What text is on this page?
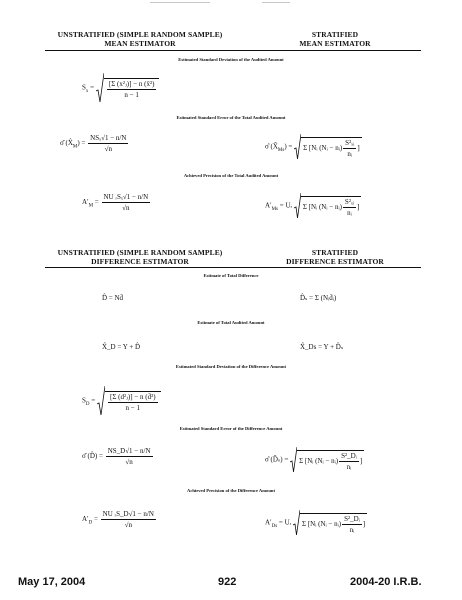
UNSTRATIFIED (SIMPLE RANDOM SAMPLE)
MEAN ESTIMATOR
STRATIFIED
MEAN ESTIMATOR
Estimated Standard Deviation of the Audited Amount
$S_x = \frac{\text{[Σ (x²ⱼ)] − n (x̄²)}}{n - 1}$
Estimated Standard Error of the Total Audited Amount
σ̂ $(X̂_M) = \frac{\text{NSₓ√1 − n/N}}{√n}$	σ̂ $(X̂_{Ms}) = \Sigma$ [Nᵢ (Nᵢ − nᵢ) $\frac{\text{S²ₓᵢ}}{\text{nᵢ}}$ ]
Achieved Precision of the Total Audited Amount
$A'_M = \frac{\text{NU ᵣSₓ√1 − n/N}}{√n}$	$A'_{Ms}$ = Uᵣ Σ [Nᵢ (Nᵢ − nᵢ) $\frac{\text{S²ₓᵢ}}{\text{nᵢ}}$ ]
UNSTRATIFIED (SIMPLE RANDOM SAMPLE)
DIFFERENCE ESTIMATOR
STRATIFIED
DIFFERENCE ESTIMATOR
Estimate of Total Difference
D̂ = Nd̄	D̂ₛ = Σ (Nᵢd̄ᵢ)
Estimate of Total Audited Amount
X̂_D = Y + D̂	X̂_Ds = Y + D̂ₛ
Estimated Standard Deviation of the Difference Amount
$S_D = \frac{\text{[Σ (d²ⱼ)] − n (d̄²)}}{n - 1}$
Estimated Standard Error of the Difference Amount
σ̂ (D̂) = $\frac{NS\_D√1 - n/N}{√n}$	σ̂ (D̂ₛ) = Σ [Nᵢ (Nᵢ − nᵢ) $\frac{\text{S²\_Dᵢ}}{\text{nᵢ}}$ ]
Achieved Precision of the Difference Amount
$A'_D = \frac{\text{NU ᵣS\_D√1 − n/N}}{√n}$	$A'_{Ds}$ = Uᵣ Σ [Nᵢ (Nᵢ − nᵢ) $\frac{\text{S²\_Dᵢ}}{\text{nᵢ}}$ ]
May 17, 2004	922	2004-20 I.R.B.
